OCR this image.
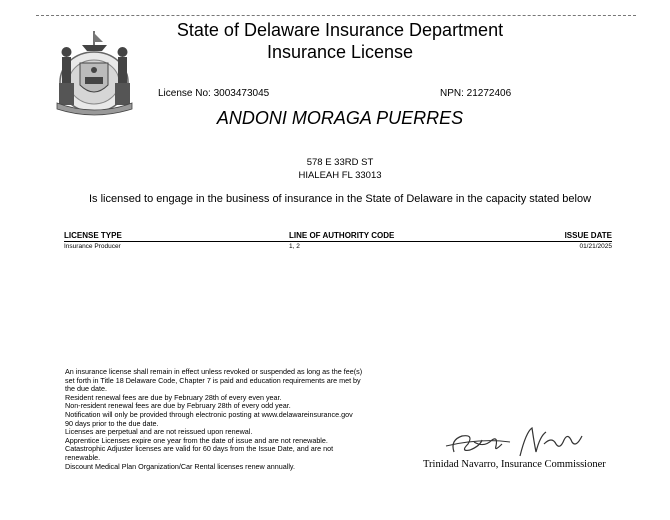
State of Delaware Insurance Department
Insurance License
License No: 3003473045	NPN: 21272406
ANDONI MORAGA PUERRES
578 E 33RD ST
HIALEAH FL 33013
Is licensed to engage in the business of insurance in the State of Delaware in the capacity stated below
LICENSE TYPE	LINE OF AUTHORITY CODE	ISSUE DATE
Insurance Producer	1, 2	01/21/2025
An insurance license shall remain in effect unless revoked or suspended as long as the fee(s)
set forth in Title 18 Delaware Code, Chapter 7 is paid and education requirements are met by
the due date.
Resident renewal fees are due by February 28th of every even year.
Non-resident renewal fees are due by February 28th of every odd year.
Notification will only be provided through electronic posting at www.delawareinsurance.gov
90 days prior to the due date.
Licenses are perpetual and are not reissued upon renewal.
Apprentice Licenses expire one year from the date of issue and are not renewable.
Catastrophic Adjuster licenses are valid for 60 days from the Issue Date, and are not
renewable.
Discount Medical Plan Organization/Car Rental licenses renew annually.	Trinidad Navarro, Insurance Commissioner
